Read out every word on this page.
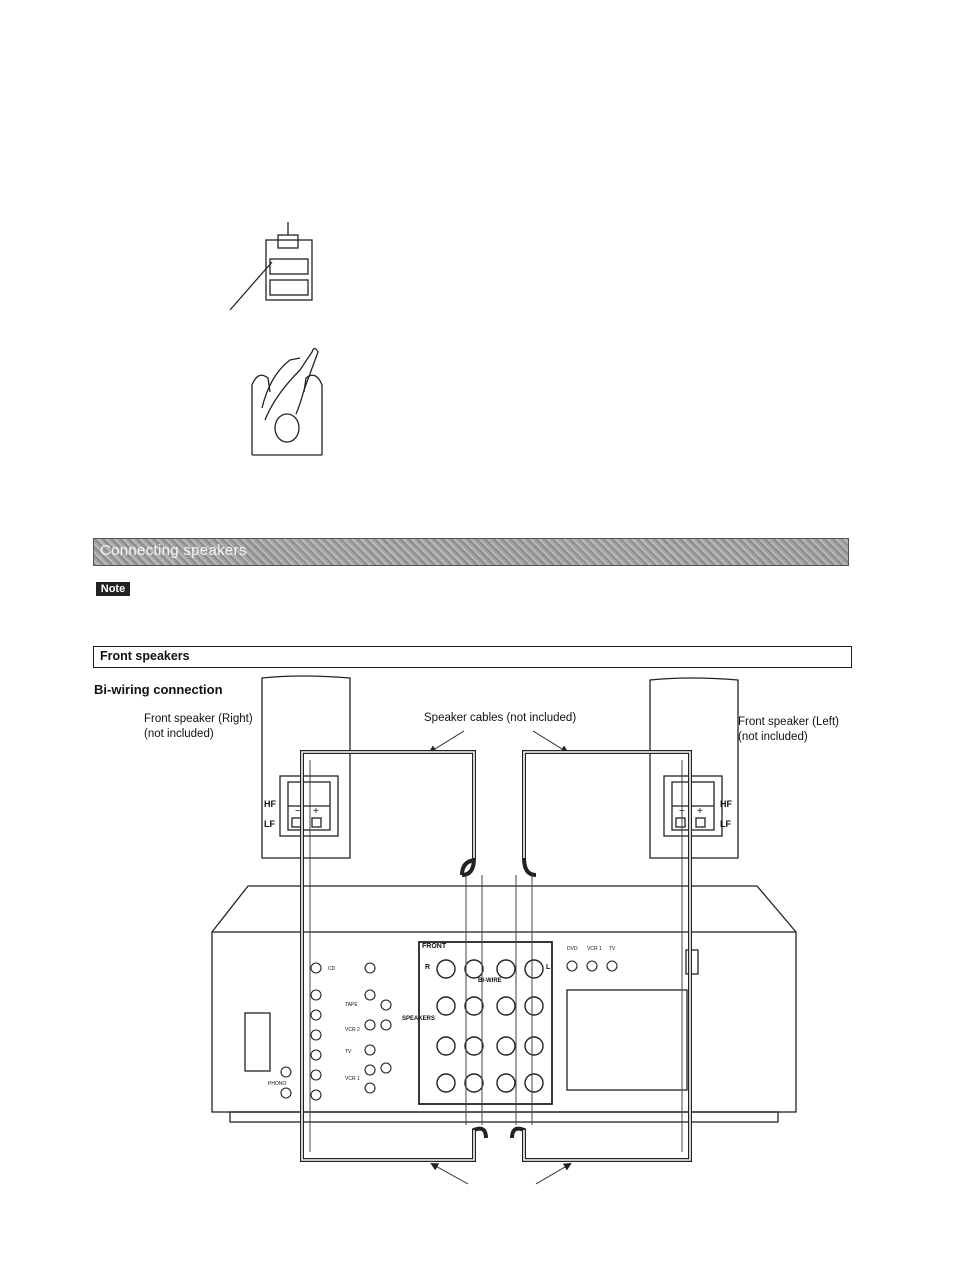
Connecting speakers
Note
Front speakers
Bi-wiring connection
Front speaker (Right)
(not included)
Front speaker (Left)
(not included)
Speaker cables (not included)
HF
LF
HF
LF
− +	− +
FRONT
BI-WIRE
SPEAKERS
R	L
CD
TAPE
VCR 2
TV
VCR 1
PHONO
DVD VCR 1 TV
